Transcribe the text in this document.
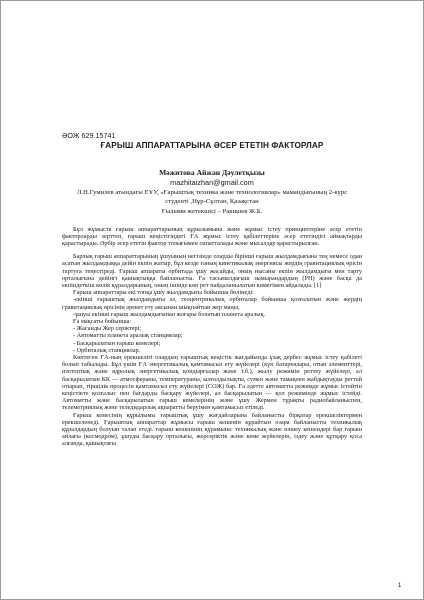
ӘОЖ 629.15741
ҒАРЫШ АППАРАТТАРЫНА ӘСЕР ЕТЕТІН ФАКТОРЛАР
Мәжитова Айжан Дәулетқызы
mazhitaizhan@gmail.com
Л.Н.Гумилев атындағы ЕҰУ, «Ғарыштық техника және технологиялар» мамандығының 2-курс
студенті ,Нұр-Сұлтан, Қазақстан
Ғылыми жетекшісі – Ракишев Ж.Б.

Бұл жұмыста ғарыш аппараттарының құрылымына және жұмыс істеу принциптеріне әсер ететін факторларды зерттеп, ғарыш кеңістігіндегі ҒА жұмыс істеу қабілеттеріне әсер ететіндігі аймақтарды қарастырады. Әрбір әсер ететін фактор толығымен сипатталады және мысалдар қарастырылған.

Барлық ғарыш аппараттарының ұшуының негізінде оларды бірінші ғарыш жылдамдығына тең немесе одан асатын жылдамдыққа дейін екпін жатыр, бұл кезде ғаның кинетикалық энергиясы жердің гравитациялық өрісін тартуға теңестіреді. Ғарыш аппараты орбитада ұшу жасайды, оның нысаны екпін жылдамдығы мен тарту орталығына дейінгі қашықтыққа байланысты. Ға тасымалдағыш зымырандардың (РН) және басқа да екпіндеткіш көлік құралдарының, оның ішінде көп рет пайдаланылатын көмегімен айдалады. [1]

Ғарыш аппараттары екі топқа ұшу жылдамдығы бойынша бөлінеді:

-екінші ғарыштық жылдамдығы аз, геоцентрикалық орбиталар бойынша қозғалатын және жердің гравитациялық өрісінің әрекет ету аясынан шықпайтын жер маңы;

-ұшуы екінші ғарыш жылдамдығынан жоғары болатын планета аралық.

Ға мақсаты бойынша:

- Жасанды Жер серіктері;

- Автоматты планета аралық станциялар;

- Басқарылатын ғарыш кемелері;

- Орбиталық станциялар.

Көптеген ҒА-ның ерекшелігі олардың ғарыштық кеңістік жағдайында ұзақ дербес жұмыс істеу қабілеті болып табылады. Бұл үшін ҒА энергетикалық қамтамасыз ету жүйелері (күн батареялары, отын элементтері, изотоптық және ядролық энергетикалық қондырғылар және т.б.), жылу режимін реттеу жүйелері, ал басқарылатын КК — атмосфераны, температураны, ылғалдылықты, сумен және тамақпен жабдықтауды реттей отырып, тіршілік процесін қамтамасыз ету жүйелері (СОЖ) бар. Ға әдетте автоматты режимде жұмыс істейтін кеңістікте қозғалыс пен бағдарды басқару жүйелері, ал басқарылатын — қол режимінде жұмыс істейді. Автоматты және басқарылатын ғарыш кемелерінің және ұшу Жермен тұрақты радиобайланыспен, телеметриялық және теледидарлық ақпаратты беруімен қамтамасыз етіледі.

Ғарыш кемесінің құрылымы ғарыштық ұшу жағдайларына байланысты бірқатар ерекшеліктермен ерекшеленеді. Ғарыштық аппараттар жұмысы ғарыш кешенін құрайтын озара байланысты техникалық құралдардың болуын талап етеді. ғарыш кешенінің құрамына: техникалық және өлшеу кешендері бар ғарыш айлағы (космодром), ұшуды басқару орталығы, жерсеріктік және кеме жүйелерін, іздеу және құтқару қоса алғанда, қашықтағы

1
